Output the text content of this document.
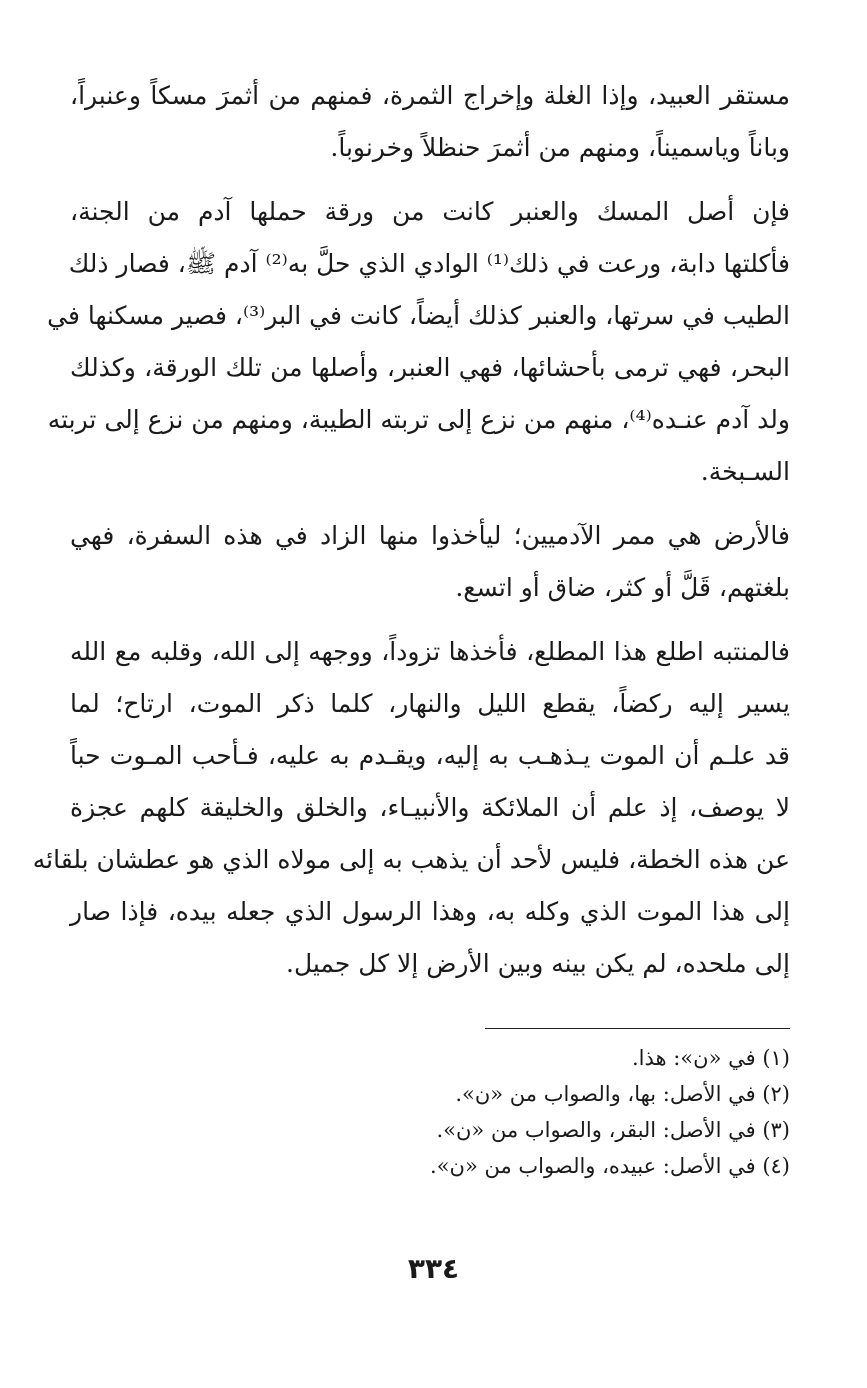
مستقر العبيد، وإذا الغلة وإخراج الثمرة، فمنهم من أثمرَ مسكاً وعنبراً،
وباناً وياسميناً، ومنهم من أثمرَ حنظلاً وخرنوباً.
فإن أصل المسك والعنبر كانت من ورقة حملها آدم من الجنة،
فأكلتها دابة، ورعت في ذلك⁽¹⁾ الوادي الذي حلَّ به⁽²⁾ آدم ﷺ، فصار ذلك
الطيب في سرتها، والعنبر كذلك أيضاً، كانت في البر⁽³⁾، فصير مسكنها في
البحر، فهي ترمى بأحشائها، فهي العنبر، وأصلها من تلك الورقة، وكذلك
ولد آدم عنـده⁽⁴⁾، منهم من نزع إلى تربته الطيبة، ومنهم من نزع إلى تربته
السـبخة.
فالأرض هي ممر الآدميين؛ ليأخذوا منها الزاد في هذه السفرة، فهي
بلغتهم، قَلَّ أو كثر، ضاق أو اتسع.
فالمنتبه اطلع هذا المطلع، فأخذها تزوداً، ووجهه إلى الله، وقلبه مع الله
يسير إليه ركضاً، يقطع الليل والنهار، كلما ذكر الموت، ارتاح؛ لما
قد علـم أن الموت يـذهـب به إليه، ويقـدم به عليه، فـأحب المـوت حباً
لا يوصف، إذ علم أن الملائكة والأنبيـاء، والخلق والخليقة كلهم عجزة
عن هذه الخطة، فليس لأحد أن يذهب به إلى مولاه الذي هو عطشان بلقائه
إلى هذا الموت الذي وكله به، وهذا الرسول الذي جعله بيده، فإذا صار
إلى ملحده، لم يكن بينه وبين الأرض إلا كل جميل.
(١) في «ن»: هذا.
(٢) في الأصل: بها، والصواب من «ن».
(٣) في الأصل: البقر، والصواب من «ن».
(٤) في الأصل: عبيده، والصواب من «ن».
٣٣٤
